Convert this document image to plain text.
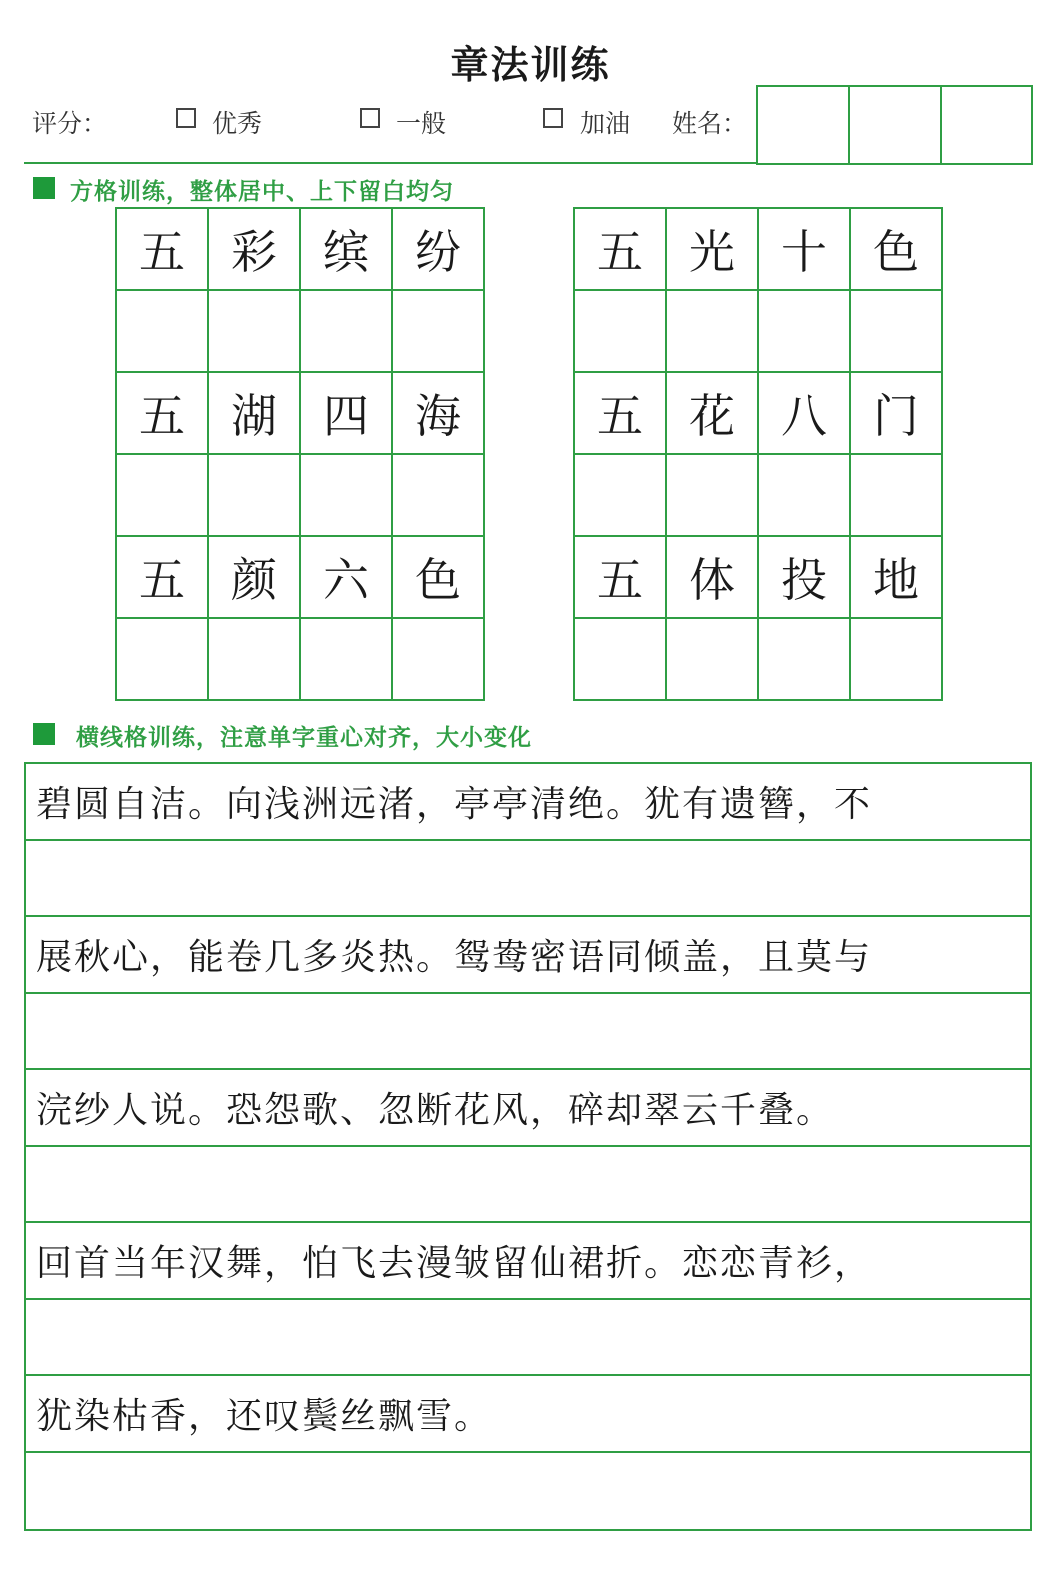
章法训练
评分：	优秀	一般	加油 姓名：
方格训练，整体居中、上下留白均匀
五	彩	缤	纷
五	湖	四	海
五	颜	六	色
五	光	十	色
五	花	八	门
五	体	投	地
横线格训练，注意单字重心对齐，大小变化
碧圆自洁。向浅洲远渚，亭亭清绝。犹有遗簪，不
展秋心，能卷几多炎热。鸳鸯密语同倾盖，且莫与
浣纱人说。恐怨歌、忽断花风，碎却翠云千叠。
回首当年汉舞，怕飞去漫皱留仙裙折。恋恋青衫，
犹染枯香，还叹鬓丝飘雪。
